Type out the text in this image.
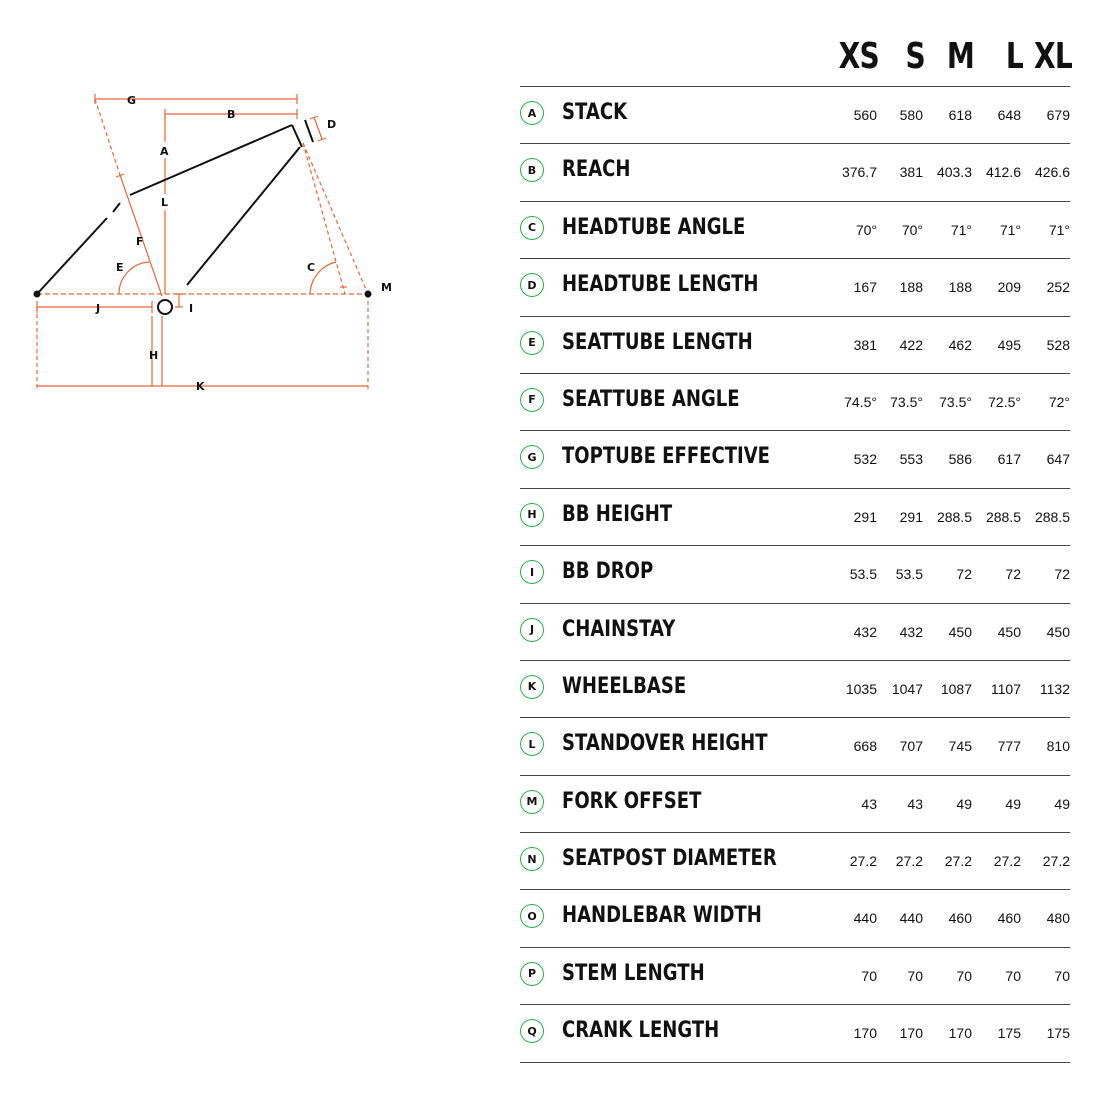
G
B
A
D
L
F
E	C
M
J	I
H
K
XS S M L XL
A	STACK	560	580	618	648	679
B	REACH	376.7	381 403.3 412.6 426.6
C	HEADTUBE ANGLE	70°	70°	71°	71°	71°
D	HEADTUBE LENGTH	167	188	188	209	252
E	SEATTUBE LENGTH	381	422	462	495	528
F	SEATTUBE ANGLE	74.5° 73.5°	73.5°	72.5°	72°
G	TOPTUBE EFFECTIVE	532	553	586	617	647
H	BB HEIGHT	291	291 288.5 288.5 288.5
I	BB DROP	53.5	53.5	72	72	72
J	CHAINSTAY	432	432	450	450	450
K	WHEELBASE	1035	1047	1087	1107	1132
L	STANDOVER HEIGHT	668	707	745	777	810
M FORK OFFSET	43	43	49	49	49
N	SEATPOST DIAMETER	27.2	27.2	27.2	27.2	27.2
O	HANDLEBAR WIDTH	440	440	460	460	480
P	STEM LENGTH	70	70	70	70	70
Q	CRANK LENGTH	170	170	170	175	175
